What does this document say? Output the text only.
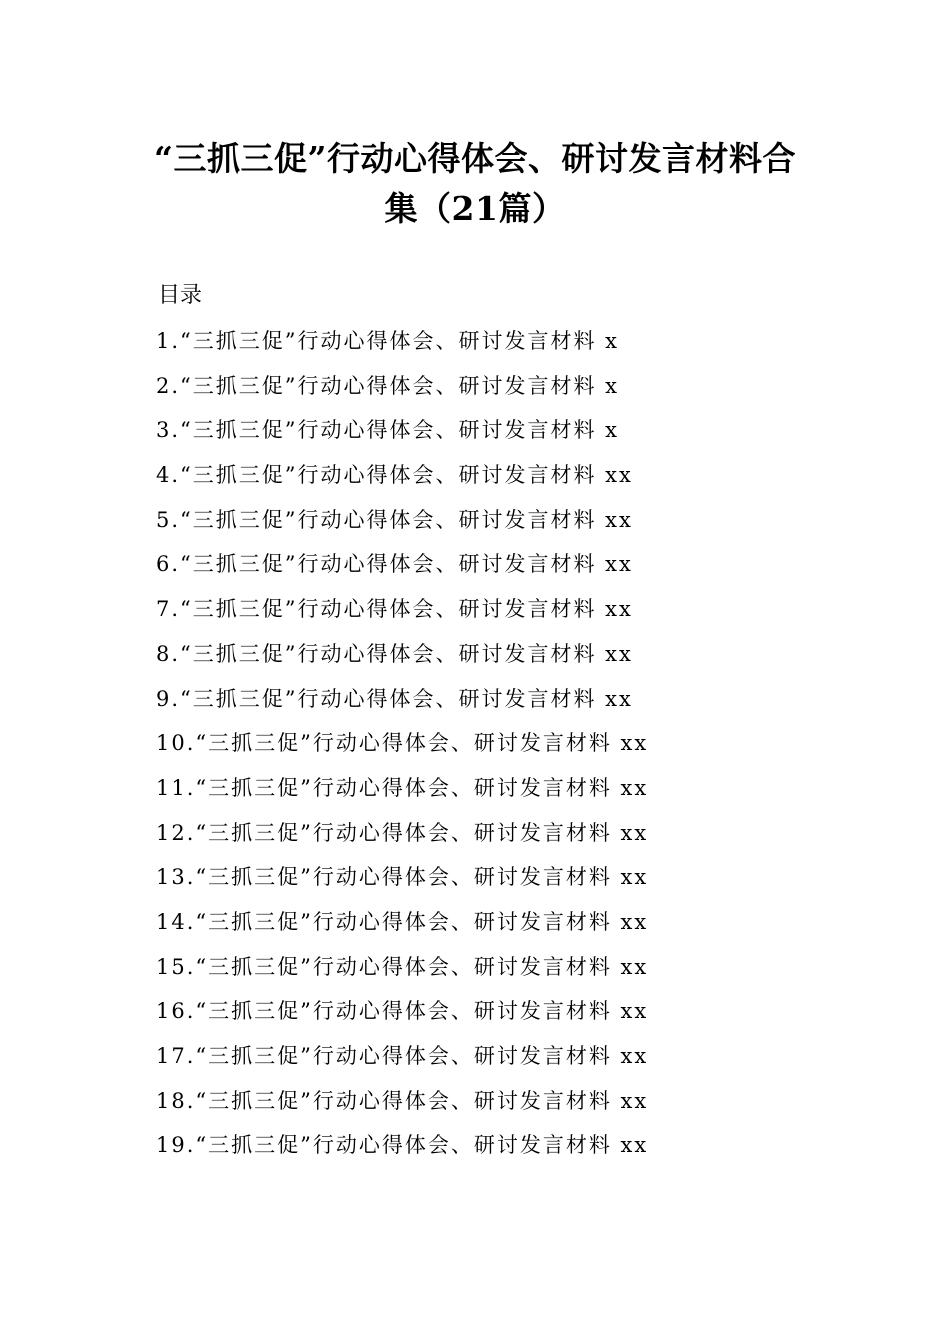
“三抓三促”行动心得体会、研讨发言材料合
集（21篇）
目录
1.“三抓三促”行动心得体会、研讨发言材料 x
2.“三抓三促”行动心得体会、研讨发言材料 x
3.“三抓三促”行动心得体会、研讨发言材料 x
4.“三抓三促”行动心得体会、研讨发言材料 xx
5.“三抓三促”行动心得体会、研讨发言材料 xx
6.“三抓三促”行动心得体会、研讨发言材料 xx
7.“三抓三促”行动心得体会、研讨发言材料 xx
8.“三抓三促”行动心得体会、研讨发言材料 xx
9.“三抓三促”行动心得体会、研讨发言材料 xx
10.“三抓三促”行动心得体会、研讨发言材料 xx
11.“三抓三促”行动心得体会、研讨发言材料 xx
12.“三抓三促”行动心得体会、研讨发言材料 xx
13.“三抓三促”行动心得体会、研讨发言材料 xx
14.“三抓三促”行动心得体会、研讨发言材料 xx
15.“三抓三促”行动心得体会、研讨发言材料 xx
16.“三抓三促”行动心得体会、研讨发言材料 xx
17.“三抓三促”行动心得体会、研讨发言材料 xx
18.“三抓三促”行动心得体会、研讨发言材料 xx
19.“三抓三促”行动心得体会、研讨发言材料 xx
